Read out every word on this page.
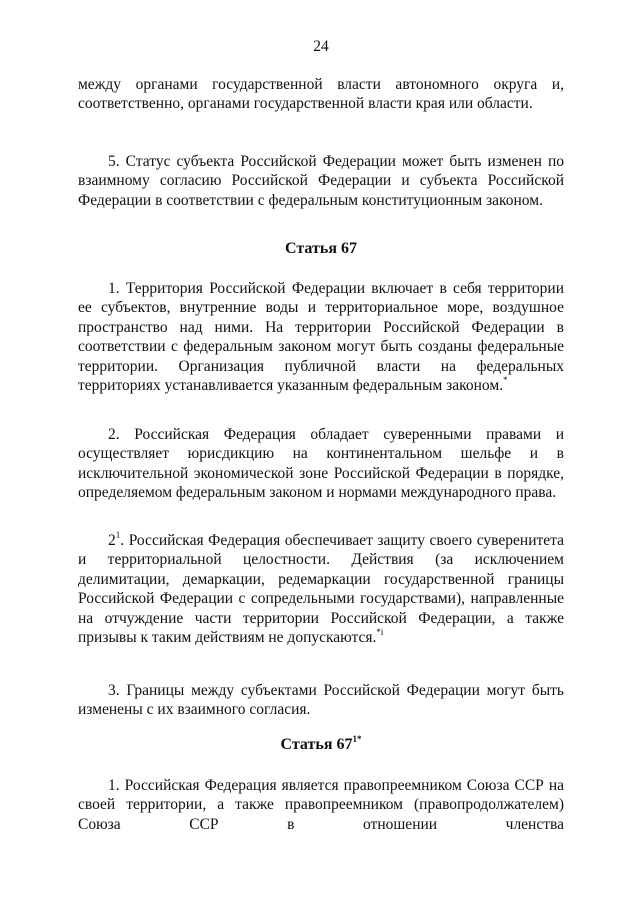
24
между органами государственной власти автономного округа и, соответственно, органами государственной власти края или области.
5. Статус субъекта Российской Федерации может быть изменен по взаимному согласию Российской Федерации и субъекта Российской Федерации в соответствии с федеральным конституционным законом.
Статья 67
1. Территория Российской Федерации включает в себя территории ее субъектов, внутренние воды и территориальное море, воздушное пространство над ними. На территории Российской Федерации в соответствии с федеральным законом могут быть созданы федеральные территории. Организация публичной власти на федеральных территориях устанавливается указанным федеральным законом.*
2. Российская Федерация обладает суверенными правами и осуществляет юрисдикцию на континентальном шельфе и в исключительной экономической зоне Российской Федерации в порядке, определяемом федеральным законом и нормами международного права.
$2^1$. Российская Федерация обеспечивает защиту своего суверенитета и территориальной целостности. Действия (за исключением делимитации, демаркации, редемаркации государственной границы Российской Федерации с сопредельными государствами), направленные на отчуждение части территории Российской Федерации, а также призывы к таким действиям не допускаются.$^{*i}$
3. Границы между субъектами Российской Федерации могут быть изменены с их взаимного согласия.
Статья $67^{1*}$
1. Российская Федерация является правопреемником Союза ССР на своей территории, а также правопреемником (правопродолжателем) Союза ССР в отношении членства
